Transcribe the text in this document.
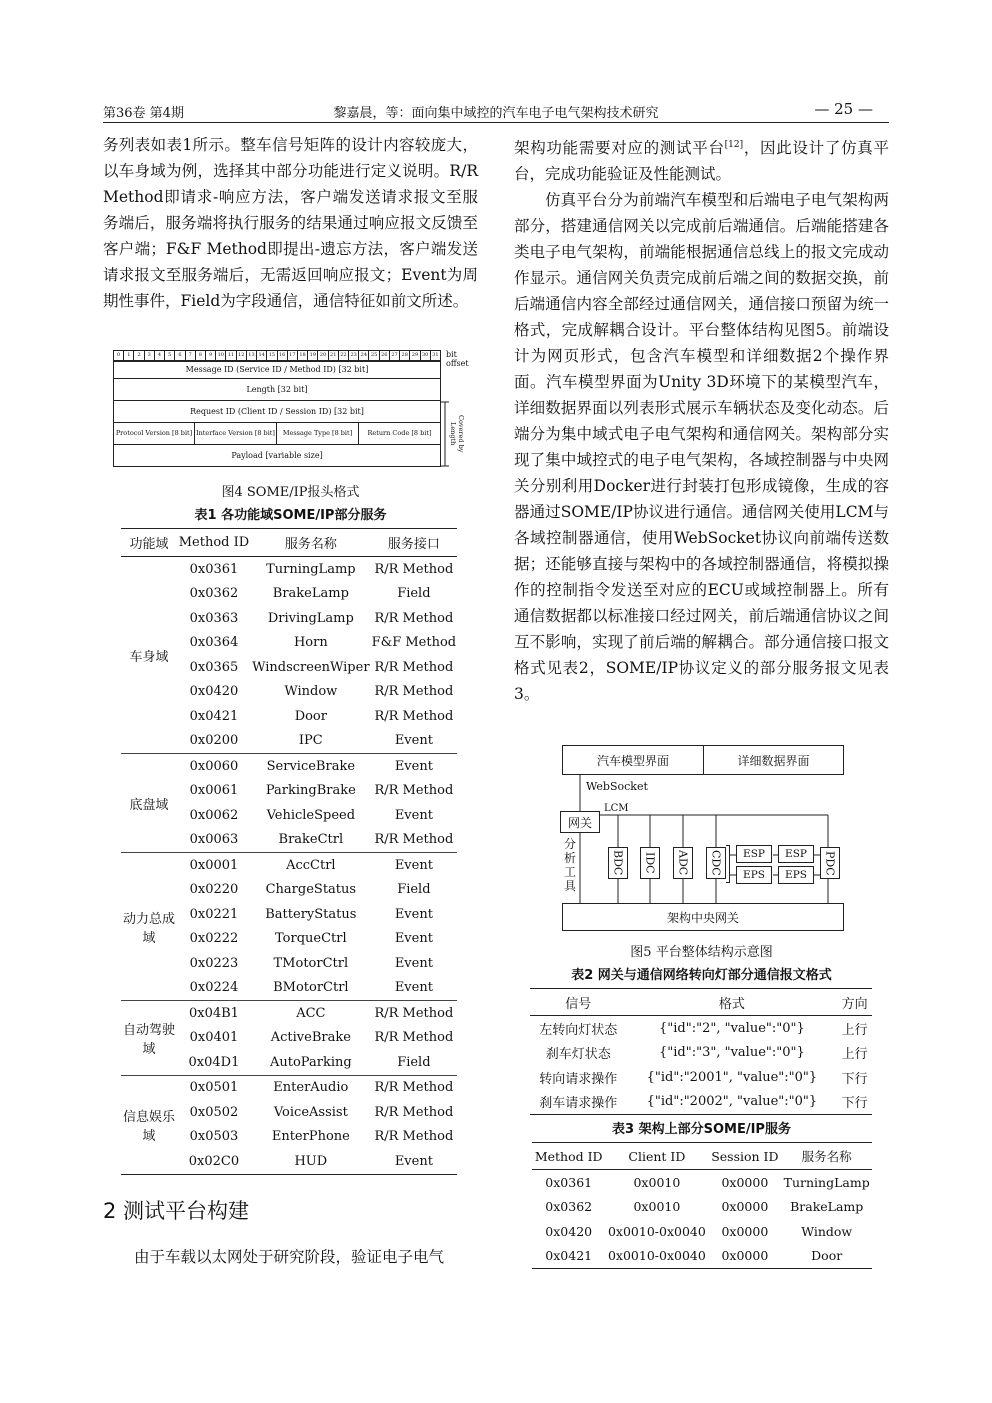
第36卷 第4期	黎嘉晨，等：面向集中域控的汽车电子电气架构技术研究	— 25 —

务列表如表1所示。整车信号矩阵的设计内容较庞大，以车身域为例，选择其中部分功能进行定义说明。R/R Method即请求-响应方法，客户端发送请求报文至服务端后，服务端将执行服务的结果通过响应报文反馈至客户端；F&F Method即提出-遗忘方法，客户端发送请求报文至服务端后，无需返回响应报文；Event为周期性事件，Field为字段通信，通信特征如前文所述。

0	1	2	3	4	5	6	7	8	9	10 11 12 13 14 15 16 17 18 19 20 21 22 23 24 25 26 27 28 29 30 31 bit
offset
Message ID (Service ID / Method ID) [32 bit]
Length [32 bit]
Request ID (Client ID / Session ID) [32 bit]
Protocol Version [8 bit] Interface Version [8 bit]	Message Type [8 bit]	Return Code [8 bit]
Payload [variable size]
Covered by Length
图4 SOME/IP报头格式
表1 各功能域SOME/IP部分服务
功能域	Method ID	服务名称	服务接口
车身域	0x0361	TurningLamp	R/R Method
	0x0362	BrakeLamp	Field
	0x0363	DrivingLamp	R/R Method
	0x0364	Horn	F&F Method
	0x0365	WindscreenWiper	R/R Method
	0x0420	Window	R/R Method
	0x0421	Door	R/R Method
	0x0200	IPC	Event
底盘域	0x0060	ServiceBrake	Event
	0x0061	ParkingBrake	R/R Method
	0x0062	VehicleSpeed	Event
	0x0063	BrakeCtrl	R/R Method
动力总成域	0x0001	AccCtrl	Event
	0x0220	ChargeStatus	Field
	0x0221	BatteryStatus	Event
	0x0222	TorqueCtrl	Event
	0x0223	TMotorCtrl	Event
	0x0224	BMotorCtrl	Event
自动驾驶域	0x04B1	ACC	R/R Method
	0x0401	ActiveBrake	R/R Method
	0x04D1	AutoParking	Field
信息娱乐域	0x0501	EnterAudio	R/R Method
	0x0502	VoiceAssist	R/R Method
	0x0503	EnterPhone	R/R Method
	0x02C0	HUD	Event
2 测试平台构建

由于车载以太网处于研究阶段，验证电子电气

架构功能需要对应的测试平台[12]，因此设计了仿真平台，完成功能验证及性能测试。

仿真平台分为前端汽车模型和后端电子电气架构两部分，搭建通信网关以完成前后端通信。后端能搭建各类电子电气架构，前端能根据通信总线上的报文完成动作显示。通信网关负责完成前后端之间的数据交换，前后端通信内容全部经过通信网关，通信接口预留为统一格式，完成解耦合设计。平台整体结构见图5。前端设计为网页形式，包含汽车模型和详细数据2个操作界面。汽车模型界面为Unity 3D环境下的某模型汽车，详细数据界面以列表形式展示车辆状态及变化动态。后端分为集中域式电子电气架构和通信网关。架构部分实现了集中域控式的电子电气架构，各域控制器与中央网关分别利用Docker进行封装打包形成镜像，生成的容器通过SOME/IP协议进行通信。通信网关使用LCM与各域控制器通信，使用WebSocket协议向前端传送数据；还能够直接与架构中的各域控制器通信，将模拟操作的控制指令发送至对应的ECU或域控制器上。所有通信数据都以标准接口经过网关，前后端通信协议之间互不影响，实现了前后端的解耦合。部分通信接口报文格式见表2，SOME/IP协议定义的部分服务报文见表3。

汽车模型界面	详细数据界面
WebSocket
LCM
网关
分析工具
BDC	IDC	ADC	CDC	ESP
EPS
ESP
EPS	PDC
架构中央网关
图5 平台整体结构示意图
表2 网关与通信网络转向灯部分通信报文格式
信号	格式	方向
左转向灯状态	{"id":"2", "value":"0"}	上行
刹车灯状态	{"id":"3", "value":"0"}	上行
转向请求操作	{"id":"2001", "value":"0"}	下行
刹车请求操作	{"id":"2002", "value":"0"}	下行
表3 架构上部分SOME/IP服务
Method ID	Client ID	Session ID	服务名称
0x0361	0x0010	0x0000	TurningLamp
0x0362	0x0010	0x0000	BrakeLamp
0x0420	0x0010-0x0040	0x0000	Window
0x0421	0x0010-0x0040	0x0000	Door
